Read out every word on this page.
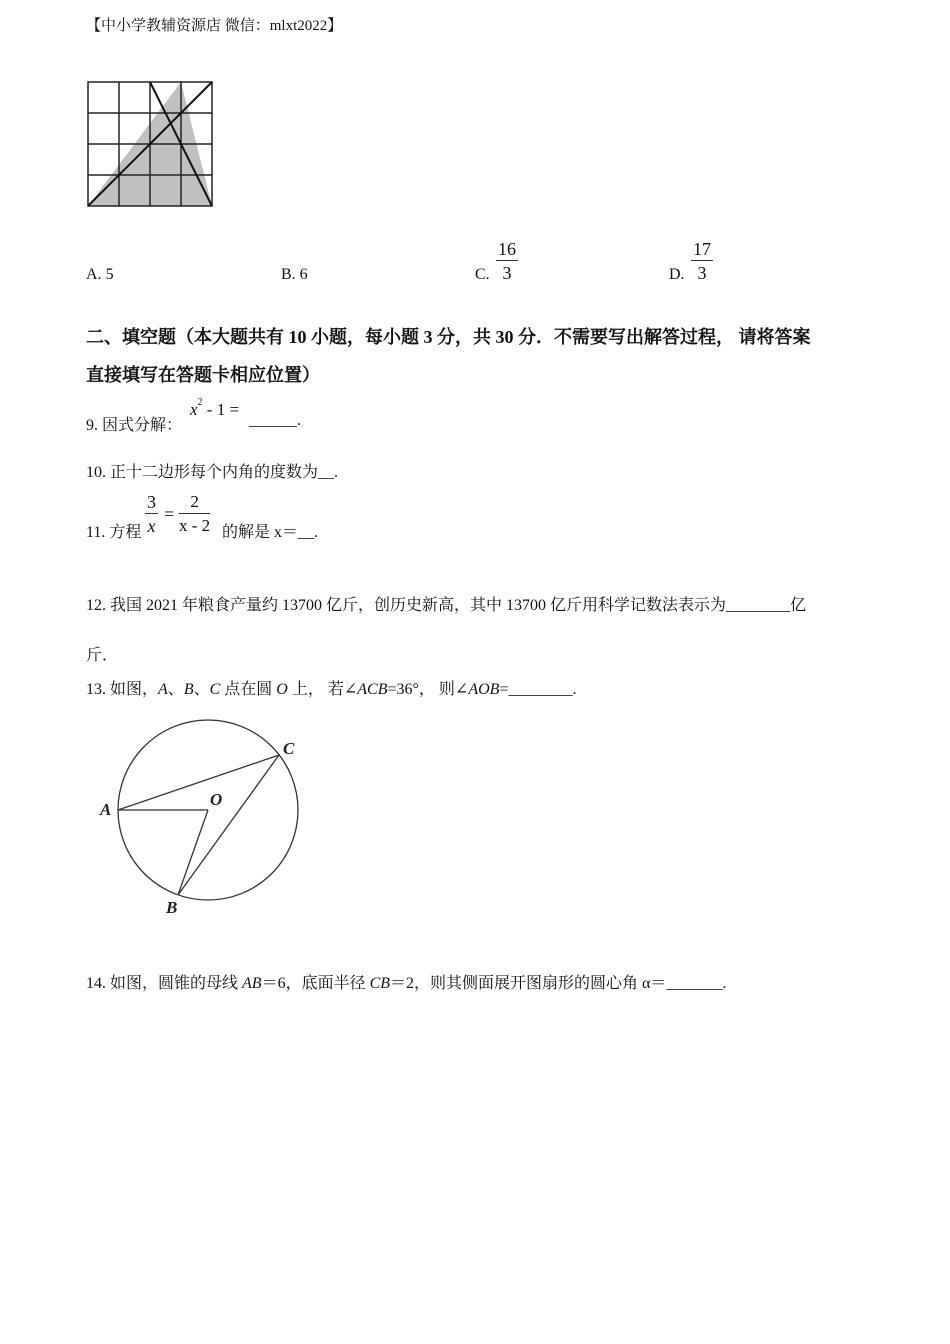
【中小学教辅资源店 微信：mlxt2022】
A. 5	B. 6	C. $\frac{16}{3}$	D. $\frac{17}{3}$
二、填空题（本大题共有 10 小题，每小题 3 分，共 30 分．不需要写出解答过程， 请将答案
直接填写在答题卡相应位置）
9. 因式分解：
$x^2 - 1$ =
______.
10. 正十二边形每个内角的度数为__.
11. 方程 $\frac{3}{x} = \frac{2}{x - 2}$ 的解是 x＝__.
12. 我国 2021 年粮食产量约 13700 亿斤，创历史新高，其中 13700 亿斤用科学记数法表示为________亿
斤．
13. 如图，A、B、C 点在圆 O 上， 若∠ACB=36°， 则∠AOB=________.
A
B
C
O
14. 如图，圆锥的母线 AB＝6，底面半径 CB＝2，则其侧面展开图扇形的圆心角 α＝_______.
